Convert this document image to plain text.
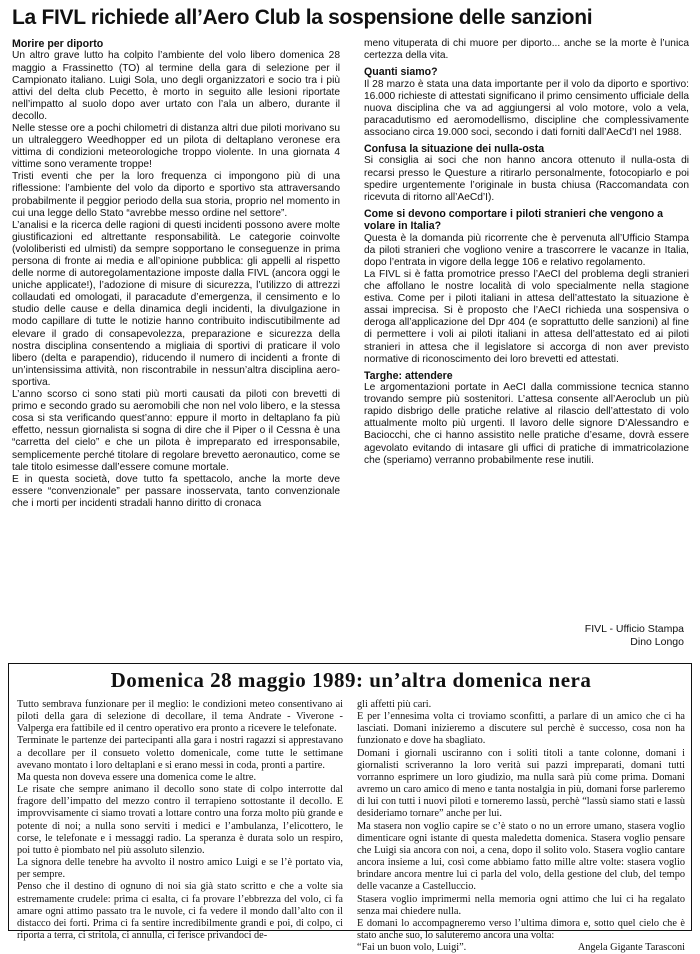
La FIVL richiede all’Aero Club la sospensione delle sanzioni
Morire per diporto

Un altro grave lutto ha colpito l’ambiente del volo libero domenica 28 maggio a Frassinetto (TO) al termine della gara di selezione per il Campionato italiano. Luigi Sola, uno degli organizzatori e socio tra i più attivi del delta club Pecetto, è morto in seguito alle lesioni riportate nell’impatto al suolo dopo aver urtato con l’ala un albero, durante il decollo.

Nelle stesse ore a pochi chilometri di distanza altri due piloti morivano su un ultraleggero Weedhopper ed un pilota di deltaplano veronese era vittima di condizioni meteorologiche troppo violente. In una giornata 4 vittime sono veramente troppe!

Tristi eventi che per la loro frequenza ci impongono più di una riflessione: l’ambiente del volo da diporto e sportivo sta attraversando probabilmente il peggior periodo della sua storia, proprio nel momento in cui una legge dello Stato “avrebbe messo ordine nel settore”.

L’analisi e la ricerca delle ragioni di questi incidenti possono avere molte giustificazioni ed altrettante responsabilità. Le categorie coinvolte (vololiberisti ed ulmisti) da sempre sopportano le conseguenze in prima persona di fronte ai media e all’opinione pubblica: gli appelli al rispetto delle norme di autoregolamentazione imposte dalla FIVL (ancora oggi le uniche applicate!), l’adozione di misure di sicurezza, l’utilizzo di attrezzi collaudati ed omologati, il paracadute d’emergenza, il censimento e lo studio delle cause e della dinamica degli incidenti, la divulgazione in modo capillare di tutte le notizie hanno contribuito indiscutibilmente ad elevare il grado di consapevolezza, preparazione e sicurezza della nostra disciplina consentendo a migliaia di sportivi di praticare il volo libero (delta e parapendio), riducendo il numero di incidenti a fronte di un’intensissima attività, non riscontrabile in nessun’altra disciplina aero-sportiva.

L’anno scorso ci sono stati più morti causati da piloti con brevetti di primo e secondo grado su aeromobili che non nel volo libero, e la stessa cosa si sta verificando quest’anno: eppure il morto in deltaplano fa più effetto, nessun giornalista si sogna di dire che il Piper o il Cessna è una “carretta del cielo” e che un pilota è impreparato ed irresponsabile, semplicemente perché titolare di regolare brevetto aeronautico, come se tale titolo esimesse dall’essere comune mortale.

E in questa società, dove tutto fa spettacolo, anche la morte deve essere “convenzionale” per passare inosservata, tanto convenzionale che i morti per incidenti stradali hanno diritto di cronaca

meno vituperata di chi muore per diporto... anche se la morte è l’unica certezza della vita.

Quanti siamo?

Il 28 marzo è stata una data importante per il volo da diporto e sportivo: 16.000 richieste di attestati significano il primo censimento ufficiale della nuova disciplina che va ad aggiungersi al volo motore, volo a vela, paracadutismo ed aeromodellismo, discipline che complessivamente associano circa 19.000 soci, secondo i dati forniti dall’AeCd’I nel 1988.

Confusa la situazione dei nulla-osta

Si consiglia ai soci che non hanno ancora ottenuto il nulla-osta di recarsi presso le Questure a ritirarlo personalmente, fotocopiarlo e poi spedire urgentemente l’originale in busta chiusa (Raccomandata con ricevuta di ritorno all’AeCd’I).

Come si devono comportare i piloti stranieri che vengono a volare in Italia?

Questa è la domanda più ricorrente che è pervenuta all’Ufficio Stampa da piloti stranieri che vogliono venire a trascorrere le vacanze in Italia, dopo l’entrata in vigore della legge 106 e relativo regolamento.

La FIVL si è fatta promotrice presso l’AeCI del problema degli stranieri che affollano le nostre località di volo specialmente nella stagione estiva. Come per i piloti italiani in attesa dell’attestato la situazione è assai imprecisa. Si è proposto che l’AeCI richieda una sospensiva o deroga all’applicazione del Dpr 404 (e soprattutto delle sanzioni) al fine di permettere i voli ai piloti italiani in attesa dell’attestato ed ai piloti stranieri in attesa che il legislatore si accorga di non aver previsto normative di riconoscimento dei loro brevetti ed attestati.

Targhe: attendere

Le argomentazioni portate in AeCI dalla commissione tecnica stanno trovando sempre più sostenitori. L’attesa consente all’Aeroclub un più rapido disbrigo delle pratiche relative al rilascio dell’attestato di volo attualmente molto più urgenti. Il lavoro delle signore D’Alessandro e Baciocchi, che ci hanno assistito nelle pratiche d’esame, dovrà essere agevolato evitando di intasare gli uffici di pratiche di immatricolazione che (speriamo) verranno probabilmente rese inutili.

FIVL - Ufficio Stampa
Dino Longo
Domenica 28 maggio 1989: un’altra domenica nera

Tutto sembrava funzionare per il meglio: le condizioni meteo consentivano ai piloti della gara di selezione di decollare, il tema Andrate - Viverone - Valperga era fattibile ed il centro operativo era pronto a ricevere le telefonate.

Terminate le partenze dei partecipanti alla gara i nostri ragazzi si apprestavano a decollare per il consueto voletto domenicale, come tutte le settimane avevano montato i loro deltaplani e si erano messi in coda, pronti a partire.

Ma questa non doveva essere una domenica come le altre.

Le risate che sempre animano il decollo sono state di colpo interrotte dal fragore dell’impatto del mezzo contro il terrapieno sottostante il decollo. E improvvisamente ci siamo trovati a lottare contro una forza molto più grande e potente di noi; a nulla sono serviti i medici e l’ambulanza, l’elicottero, le corse, le telefonate e i messaggi radio. La speranza è durata solo un respiro, poi tutto è piombato nel più assoluto silenzio.

La signora delle tenebre ha avvolto il nostro amico Luigi e se l’è portato via, per sempre.

Penso che il destino di ognuno di noi sia già stato scritto e che a volte sia estremamente crudele: prima ci esalta, ci fa provare l’ebbrezza del volo, ci fa amare ogni attimo passato tra le nuvole, ci fa vedere il mondo dall’alto con il distacco dei forti. Prima ci fa sentire incredibilmente grandi e poi, di colpo, ci riporta a terra, ci stritola, ci annulla, ci ferisce privandoci de-

gli affetti più cari.

E per l’ennesima volta ci troviamo sconfitti, a parlare di un amico che ci ha lasciati. Domani inizieremo a discutere sul perchè è successo, cosa non ha funzionato e dove ha sbagliato.

Domani i giornali usciranno con i soliti titoli a tante colonne, domani i giornalisti scriveranno la loro verità sui pazzi impreparati, domani tutti vorranno esprimere un loro giudizio, ma nulla sarà più come prima. Domani avremo un caro amico di meno e tanta nostalgia in più, domani forse parleremo di lui con tutti i nuovi piloti e torneremo lassù, perchè “lassù siamo stati e lassù desideriamo tornare” anche per lui.

Ma stasera non voglio capire se c’è stato o no un errore umano, stasera voglio dimenticare ogni istante di questa maledetta domenica. Stasera voglio pensare che Luigi sia ancora con noi, a cena, dopo il solito volo. Stasera voglio cantare ancora insieme a lui, così come abbiamo fatto mille altre volte: stasera voglio brindare ancora mentre lui ci parla del volo, della gestione del club, del tempo delle vacanze a Castelluccio.

Stasera voglio imprimermi nella memoria ogni attimo che lui ci ha regalato senza mai chiedere nulla.

E domani lo accompagneremo verso l’ultima dimora e, sotto quel cielo che è stato anche suo, lo saluteremo ancora una volta:

“Fai un buon volo, Luigi”.	Angela Gigante Tarasconi
